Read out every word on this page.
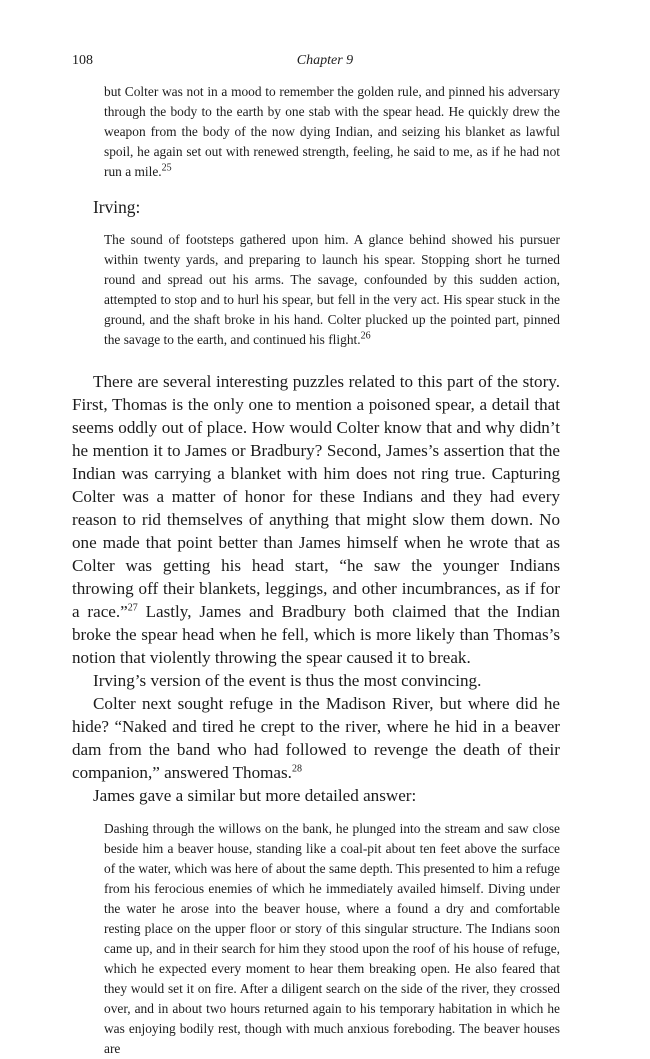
108	Chapter 9

but Colter was not in a mood to remember the golden rule, and pinned his adversary through the body to the earth by one stab with the spear head. He quickly drew the weapon from the body of the now dying Indian, and seizing his blanket as lawful spoil, he again set out with renewed strength, feeling, he said to me, as if he had not run a mile.$^{25}$

Irving:

The sound of footsteps gathered upon him. A glance behind showed his pursuer within twenty yards, and preparing to launch his spear. Stopping short he turned round and spread out his arms. The savage, confounded by this sudden action, attempted to stop and to hurl his spear, but fell in the very act. His spear stuck in the ground, and the shaft broke in his hand. Colter plucked up the pointed part, pinned the savage to the earth, and continued his flight.$^{26}$

There are several interesting puzzles related to this part of the story. First, Thomas is the only one to mention a poisoned spear, a detail that seems oddly out of place. How would Colter know that and why didn’t he mention it to James or Bradbury? Second, James’s assertion that the Indian was carrying a blanket with him does not ring true. Capturing Colter was a matter of honor for these Indians and they had every reason to rid themselves of anything that might slow them down. No one made that point better than James himself when he wrote that as Colter was getting his head start, “he saw the younger Indians throwing off their blankets, leggings, and other incumbrances, as if for a race.”$^{27}$ Lastly, James and Bradbury both claimed that the Indian broke the spear head when he fell, which is more likely than Thomas’s notion that violently throwing the spear caused it to break.

Irving’s version of the event is thus the most convincing.

Colter next sought refuge in the Madison River, but where did he hide? “Naked and tired he crept to the river, where he hid in a beaver dam from the band who had followed to revenge the death of their companion,” answered Thomas.$^{28}$

James gave a similar but more detailed answer:

Dashing through the willows on the bank, he plunged into the stream and saw close beside him a beaver house, standing like a coal-pit about ten feet above the surface of the water, which was here of about the same depth. This presented to him a refuge from his ferocious enemies of which he immediately availed himself. Diving under the water he arose into the beaver house, where a found a dry and comfortable resting place on the upper floor or story of this singular structure. The Indians soon came up, and in their search for him they stood upon the roof of his house of refuge, which he expected every moment to hear them breaking open. He also feared that they would set it on fire. After a diligent search on the side of the river, they crossed over, and in about two hours returned again to his temporary habitation in which he was enjoying bodily rest, though with much anxious foreboding. The beaver houses are
